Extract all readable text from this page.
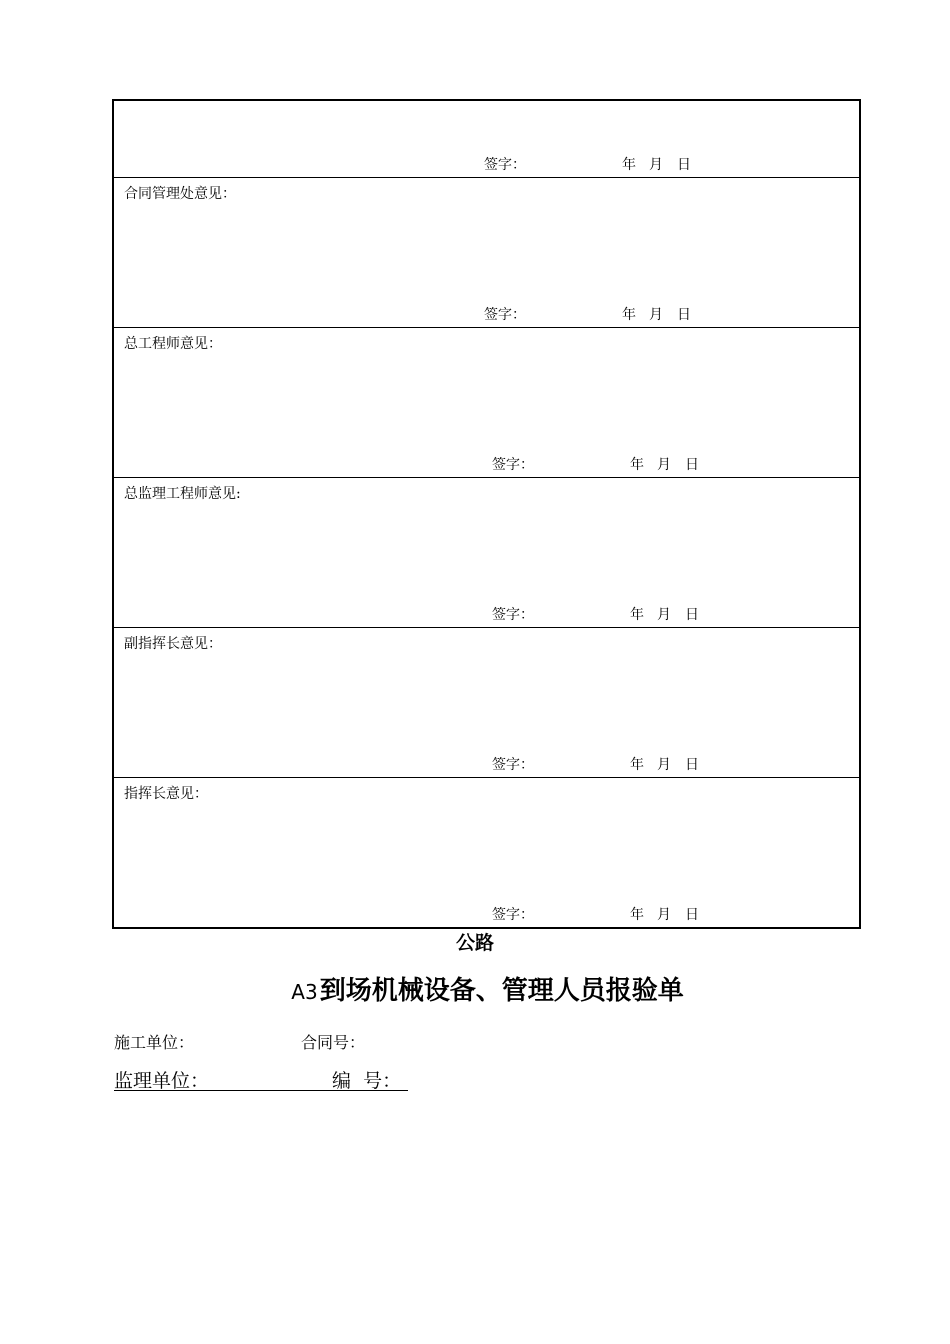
签字：	年 月 日
合同管理处意见：
签字：	年 月 日
总工程师意见：
签字：	年 月 日
总监理工程师意见:
签字：	年 月 日
副指挥长意见：
签字：	年 月 日
指挥长意见：
签字：	年 月 日
公路
A3到场机械设备、管理人员报验单
施工单位：	合同号：
监理单位：	编  号：
